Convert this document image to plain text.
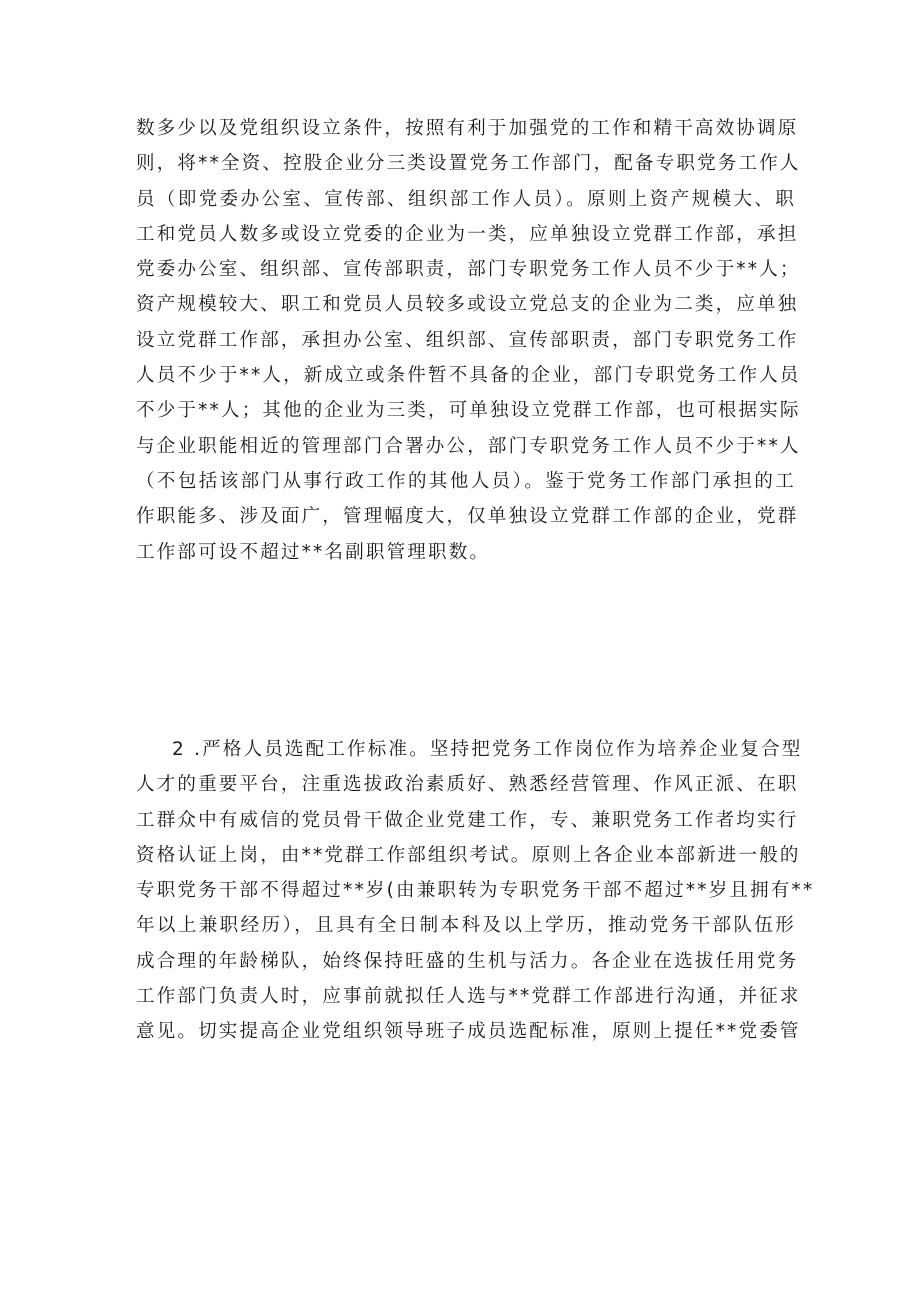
数多少以及党组织设立条件，按照有利于加强党的工作和精干高效协调原
则，将**全资、控股企业分三类设置党务工作部门，配备专职党务工作人
员（即党委办公室、宣传部、组织部工作人员）。原则上资产规模大、职
工和党员人数多或设立党委的企业为一类，应单独设立党群工作部，承担
党委办公室、组织部、宣传部职责，部门专职党务工作人员不少于**人；
资产规模较大、职工和党员人员较多或设立党总支的企业为二类，应单独
设立党群工作部，承担办公室、组织部、宣传部职责，部门专职党务工作
人员不少于**人，新成立或条件暂不具备的企业，部门专职党务工作人员
不少于**人；其他的企业为三类，可单独设立党群工作部，也可根据实际
与企业职能相近的管理部门合署办公，部门专职党务工作人员不少于**人
（不包括该部门从事行政工作的其他人员）。鉴于党务工作部门承担的工
作职能多、涉及面广，管理幅度大，仅单独设立党群工作部的企业，党群
工作部可设不超过**名副职管理职数。
2 .严格人员选配工作标准。坚持把党务工作岗位作为培养企业复合型
人才的重要平台，注重选拔政治素质好、熟悉经营管理、作风正派、在职
工群众中有威信的党员骨干做企业党建工作，专、兼职党务工作者均实行
资格认证上岗，由**党群工作部组织考试。原则上各企业本部新进一般的
专职党务干部不得超过**岁(由兼职转为专职党务干部不超过**岁且拥有**
年以上兼职经历），且具有全日制本科及以上学历，推动党务干部队伍形
成合理的年龄梯队，始终保持旺盛的生机与活力。各企业在选拔任用党务
工作部门负责人时，应事前就拟任人选与**党群工作部进行沟通，并征求
意见。切实提高企业党组织领导班子成员选配标准，原则上提任**党委管
